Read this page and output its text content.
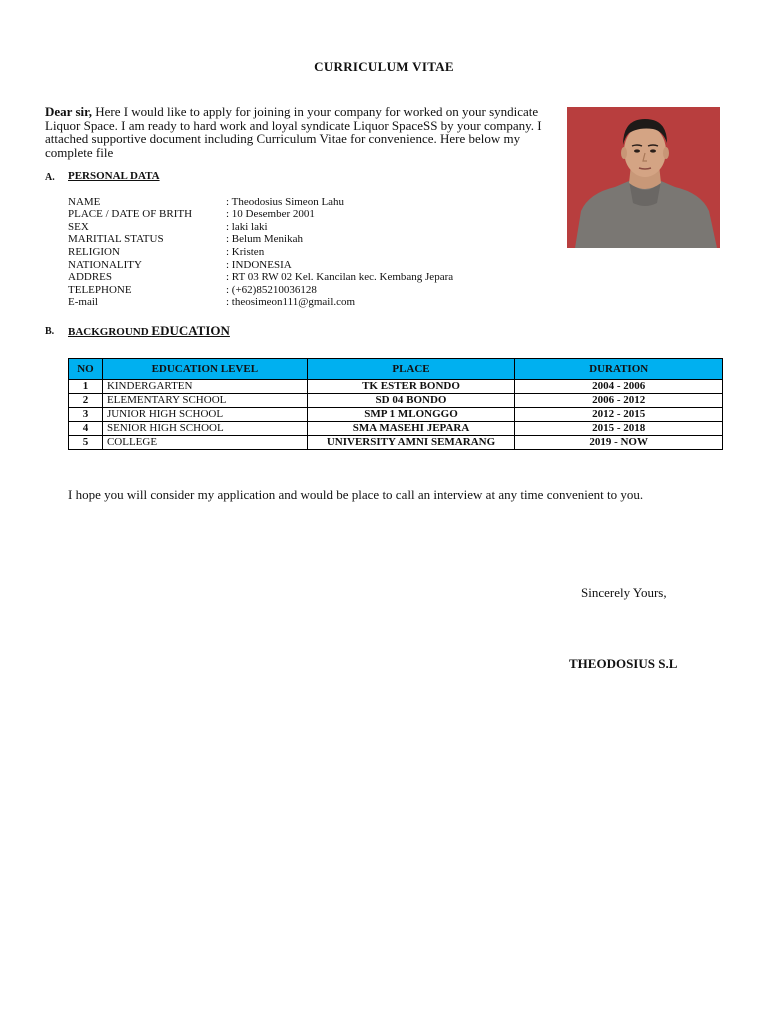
CURRICULUM VITAE
Dear sir, Here I would like to apply for joining in your company for worked on your syndicate Liquor Space. I am ready to hard work and loyal syndicate Liquor SpaceSS by your company. I attached supportive document including Curriculum Vitae for convenience. Here below my complete file
A. PERSONAL DATA
NAME	: Theodosius Simeon Lahu
PLACE / DATE OF BRITH	: 10 Desember 2001
SEX	: laki laki
MARITIAL STATUS	: Belum Menikah
RELIGION	: Kristen
NATIONALITY	: INDONESIA
ADDRES	: RT 03 RW 02 Kel. Kancilan kec. Kembang Jepara
TELEPHONE	: (+62)85210036128
E-mail	: theosimeon111@gmail.com
B. BACKGROUND EDUCATION
NO	EDUCATION LEVEL	PLACE	DURATION
1	KINDERGARTEN	TK ESTER BONDO	2004 - 2006
2	ELEMENTARY SCHOOL	SD 04 BONDO	2006 - 2012
3	JUNIOR HIGH SCHOOL	SMP 1 MLONGGO	2012 - 2015
4	SENIOR HIGH SCHOOL	SMA MASEHI JEPARA	2015 - 2018
5	COLLEGE	UNIVERSITY AMNI SEMARANG	2019 - NOW
I hope you will consider my application and would be place to call an interview at any time convenient to you.
Sincerely Yours,
THEODOSIUS S.L
